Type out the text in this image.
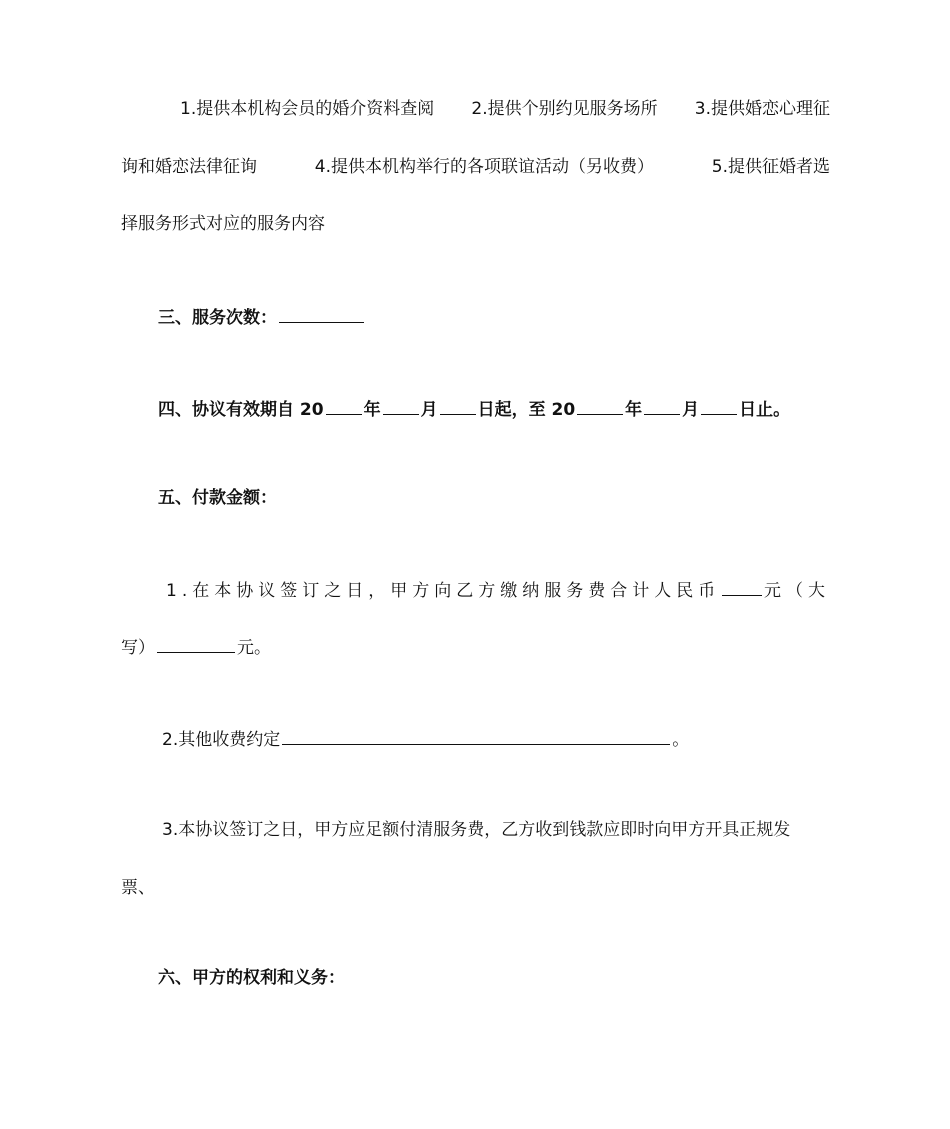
1.提供本机构会员的婚介资料查阅 2.提供个别约见服务场所 3.提供婚恋心理征
询和婚恋法律征询	4.提供本机构举行的各项联谊活动（另收费）	5.提供征婚者选
择服务形式对应的服务内容
三、服务次数：
四、协议有效期自 20 年 月 日起，至 20	年 月 日止。
五、付款金额：
1.在本协议签订之日，甲方向乙方缴纳服务费合计人民币	元（大
写）	元。
2.其他收费约定	。
3.本协议签订之日，甲方应足额付清服务费，乙方收到钱款应即时向甲方开具正规发
票、
六、甲方的权利和义务：
